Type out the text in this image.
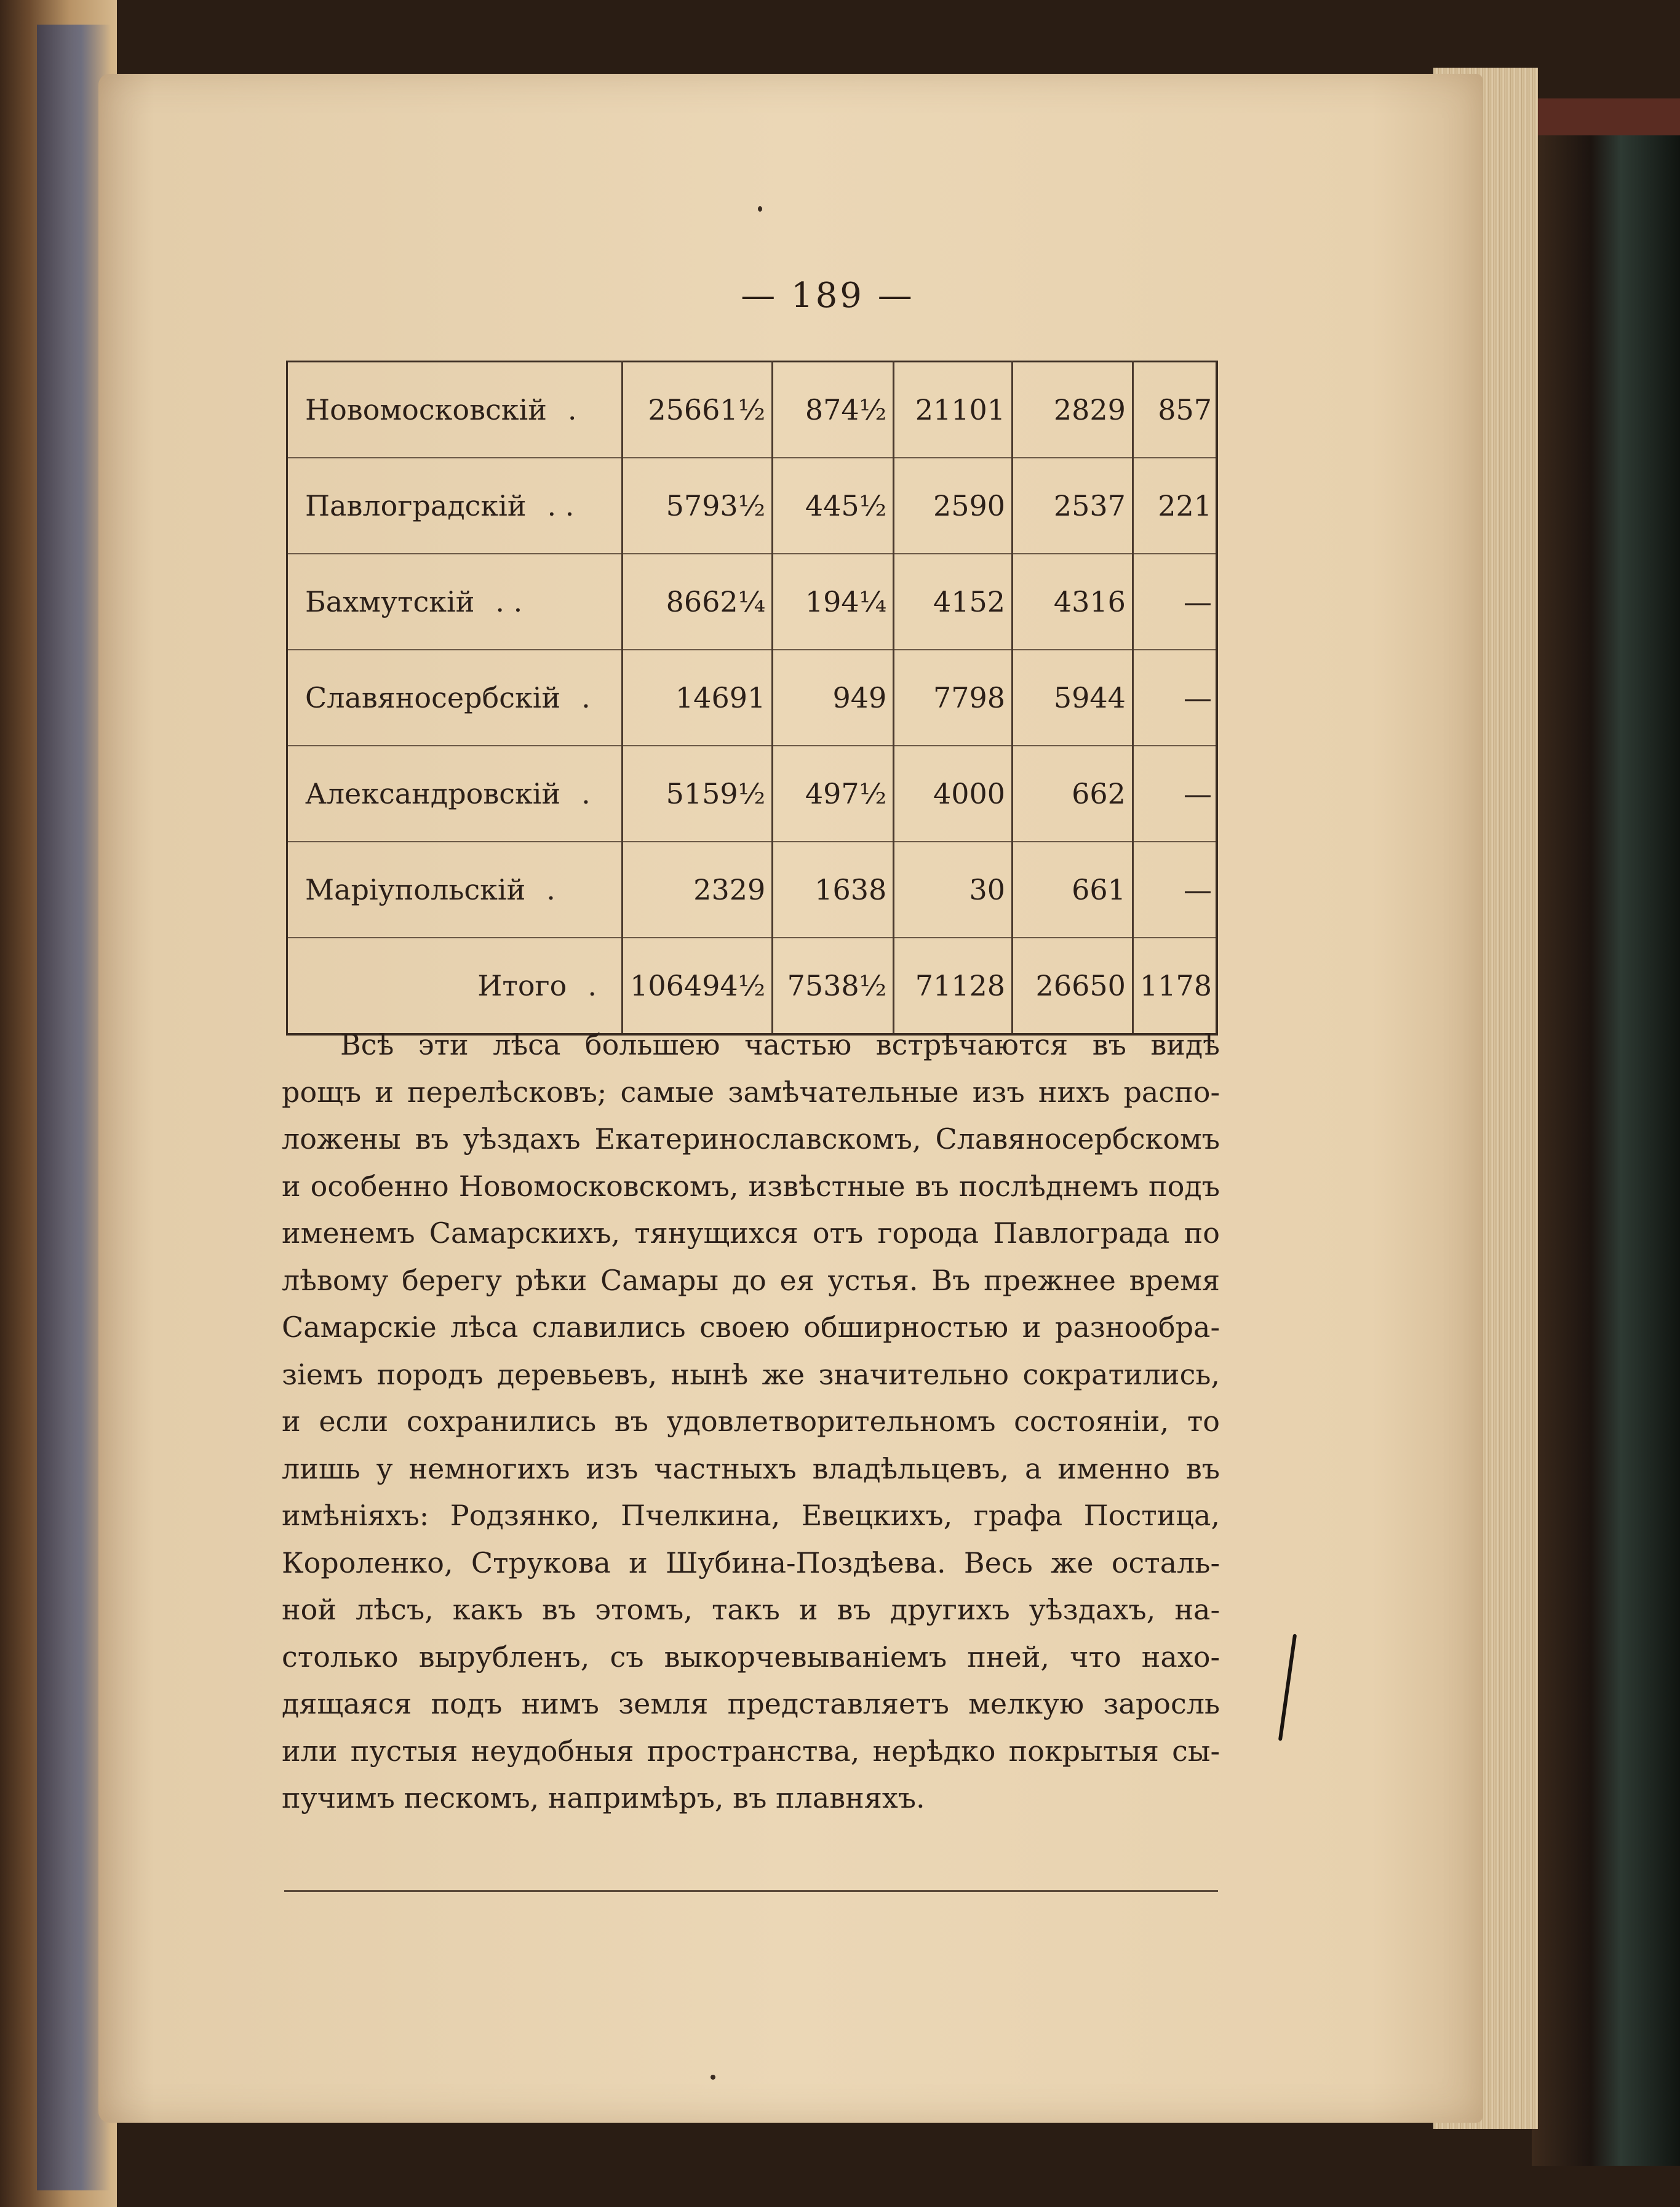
— 189 —
Новомосковскій .	25661½	874½	21101	2829	857
Павлоградскій . .	5793½	445½	2590	2537	221
Бахмутскій . .	8662¼	194¼	4152	4316	—
Славяносербскій .	14691	949	7798	5944	—
Александровскій .	5159½	497½	4000	662	—
Маріупольскій .	2329	1638	30	661	—
Итого .	106494½	7538½	71128	26650	1178
Всѣ эти лѣса большею частью встрѣчаются въ видѣ
рощъ и перелѣсковъ; самые замѣчательные изъ нихъ распо-
ложены въ уѣздахъ Екатеринославскомъ, Славяносербскомъ
и особенно Новомосковскомъ, извѣстные въ послѣднемъ подъ
именемъ Самарскихъ, тянущихся отъ города Павлограда по
лѣвому берегу рѣки Самары до ея устья. Въ прежнее время
Самарскіе лѣса славились своею обширностью и разнообра-
зіемъ породъ деревьевъ, нынѣ же значительно сократились,
и если сохранились въ удовлетворительномъ состояніи, то
лишь у немногихъ изъ частныхъ владѣльцевъ, а именно въ
имѣніяхъ: Родзянко, Пчелкина, Евецкихъ, графа Постица,
Короленко, Струкова и Шубина-Поздѣева. Весь же осталь-
ной лѣсъ, какъ въ этомъ, такъ и въ другихъ уѣздахъ, на-
столько вырубленъ, съ выкорчевываніемъ пней, что нахо-
дящаяся подъ нимъ земля представляетъ мелкую заросль
или пустыя неудобныя пространства, нерѣдко покрытыя сы-
пучимъ пескомъ, напримѣръ, въ плавняхъ.
